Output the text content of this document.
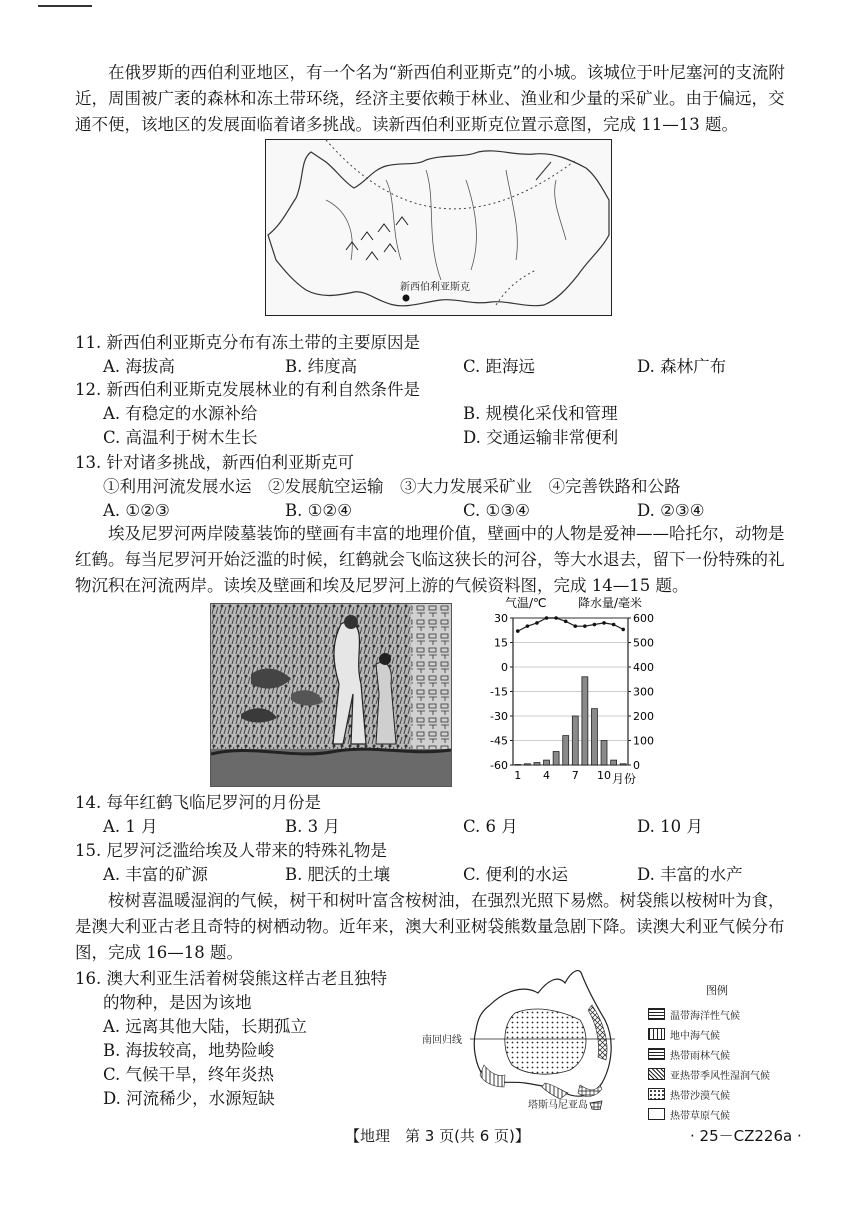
在俄罗斯的西伯利亚地区，有一个名为“新西伯利亚斯克”的小城。该城位于叶尼塞河的支流附近，周围被广袤的森林和冻土带环绕，经济主要依赖于林业、渔业和少量的采矿业。由于偏远，交通不便，该地区的发展面临着诸多挑战。读新西伯利亚斯克位置示意图，完成 11—13 题。
新西伯利亚斯克
11. 新西伯利亚斯克分布有冻土带的主要原因是
A. 海拔高	B. 纬度高	C. 距海远	D. 森林广布
12. 新西伯利亚斯克发展林业的有利自然条件是
A. 有稳定的水源补给	B. 规模化采伐和管理
C. 高温利于树木生长	D. 交通运输非常便利
13. 针对诸多挑战，新西伯利亚斯克可
①利用河流发展水运　②发展航空运输　③大力发展采矿业　④完善铁路和公路
A. ①②③	B. ①②④	C. ①③④	D. ②③④
埃及尼罗河两岸陵墓装饰的壁画有丰富的地理价值，壁画中的人物是爱神——哈托尔，动物是红鹤。每当尼罗河开始泛滥的时候，红鹤就会飞临这狭长的河谷，等大水退去，留下一份特殊的礼物沉积在河流两岸。读埃及壁画和埃及尼罗河上游的气候资料图，完成 14—15 题。
气温/℃	降水量/毫米
30
15
0
-15
-30
-45
-60
600
500
400
300
200
100
0
1 4 7 10 月份
14. 每年红鹤飞临尼罗河的月份是
A. 1 月	B. 3 月	C. 6 月	D. 10 月
15. 尼罗河泛滥给埃及人带来的特殊礼物是
A. 丰富的矿源	B. 肥沃的土壤	C. 便利的水运	D. 丰富的水产
桉树喜温暖湿润的气候，树干和树叶富含桉树油，在强烈光照下易燃。树袋熊以桉树叶为食，是澳大利亚古老且奇特的树栖动物。近年来，澳大利亚树袋熊数量急剧下降。读澳大利亚气候分布图，完成 16—18 题。
16. 澳大利亚生活着树袋熊这样古老且独特
的物种，是因为该地
A. 远离其他大陆，长期孤立
B. 海拔较高，地势险峻
C. 气候干旱，终年炎热
D. 河流稀少，水源短缺
南回归线
塔斯马尼亚岛
图例
温带海洋性气候
地中海气候
热带雨林气候
亚热带季风性湿润气候
热带沙漠气候
热带草原气候
【地理　第 3 页(共 6 页)】	· 25－CZ226a ·
